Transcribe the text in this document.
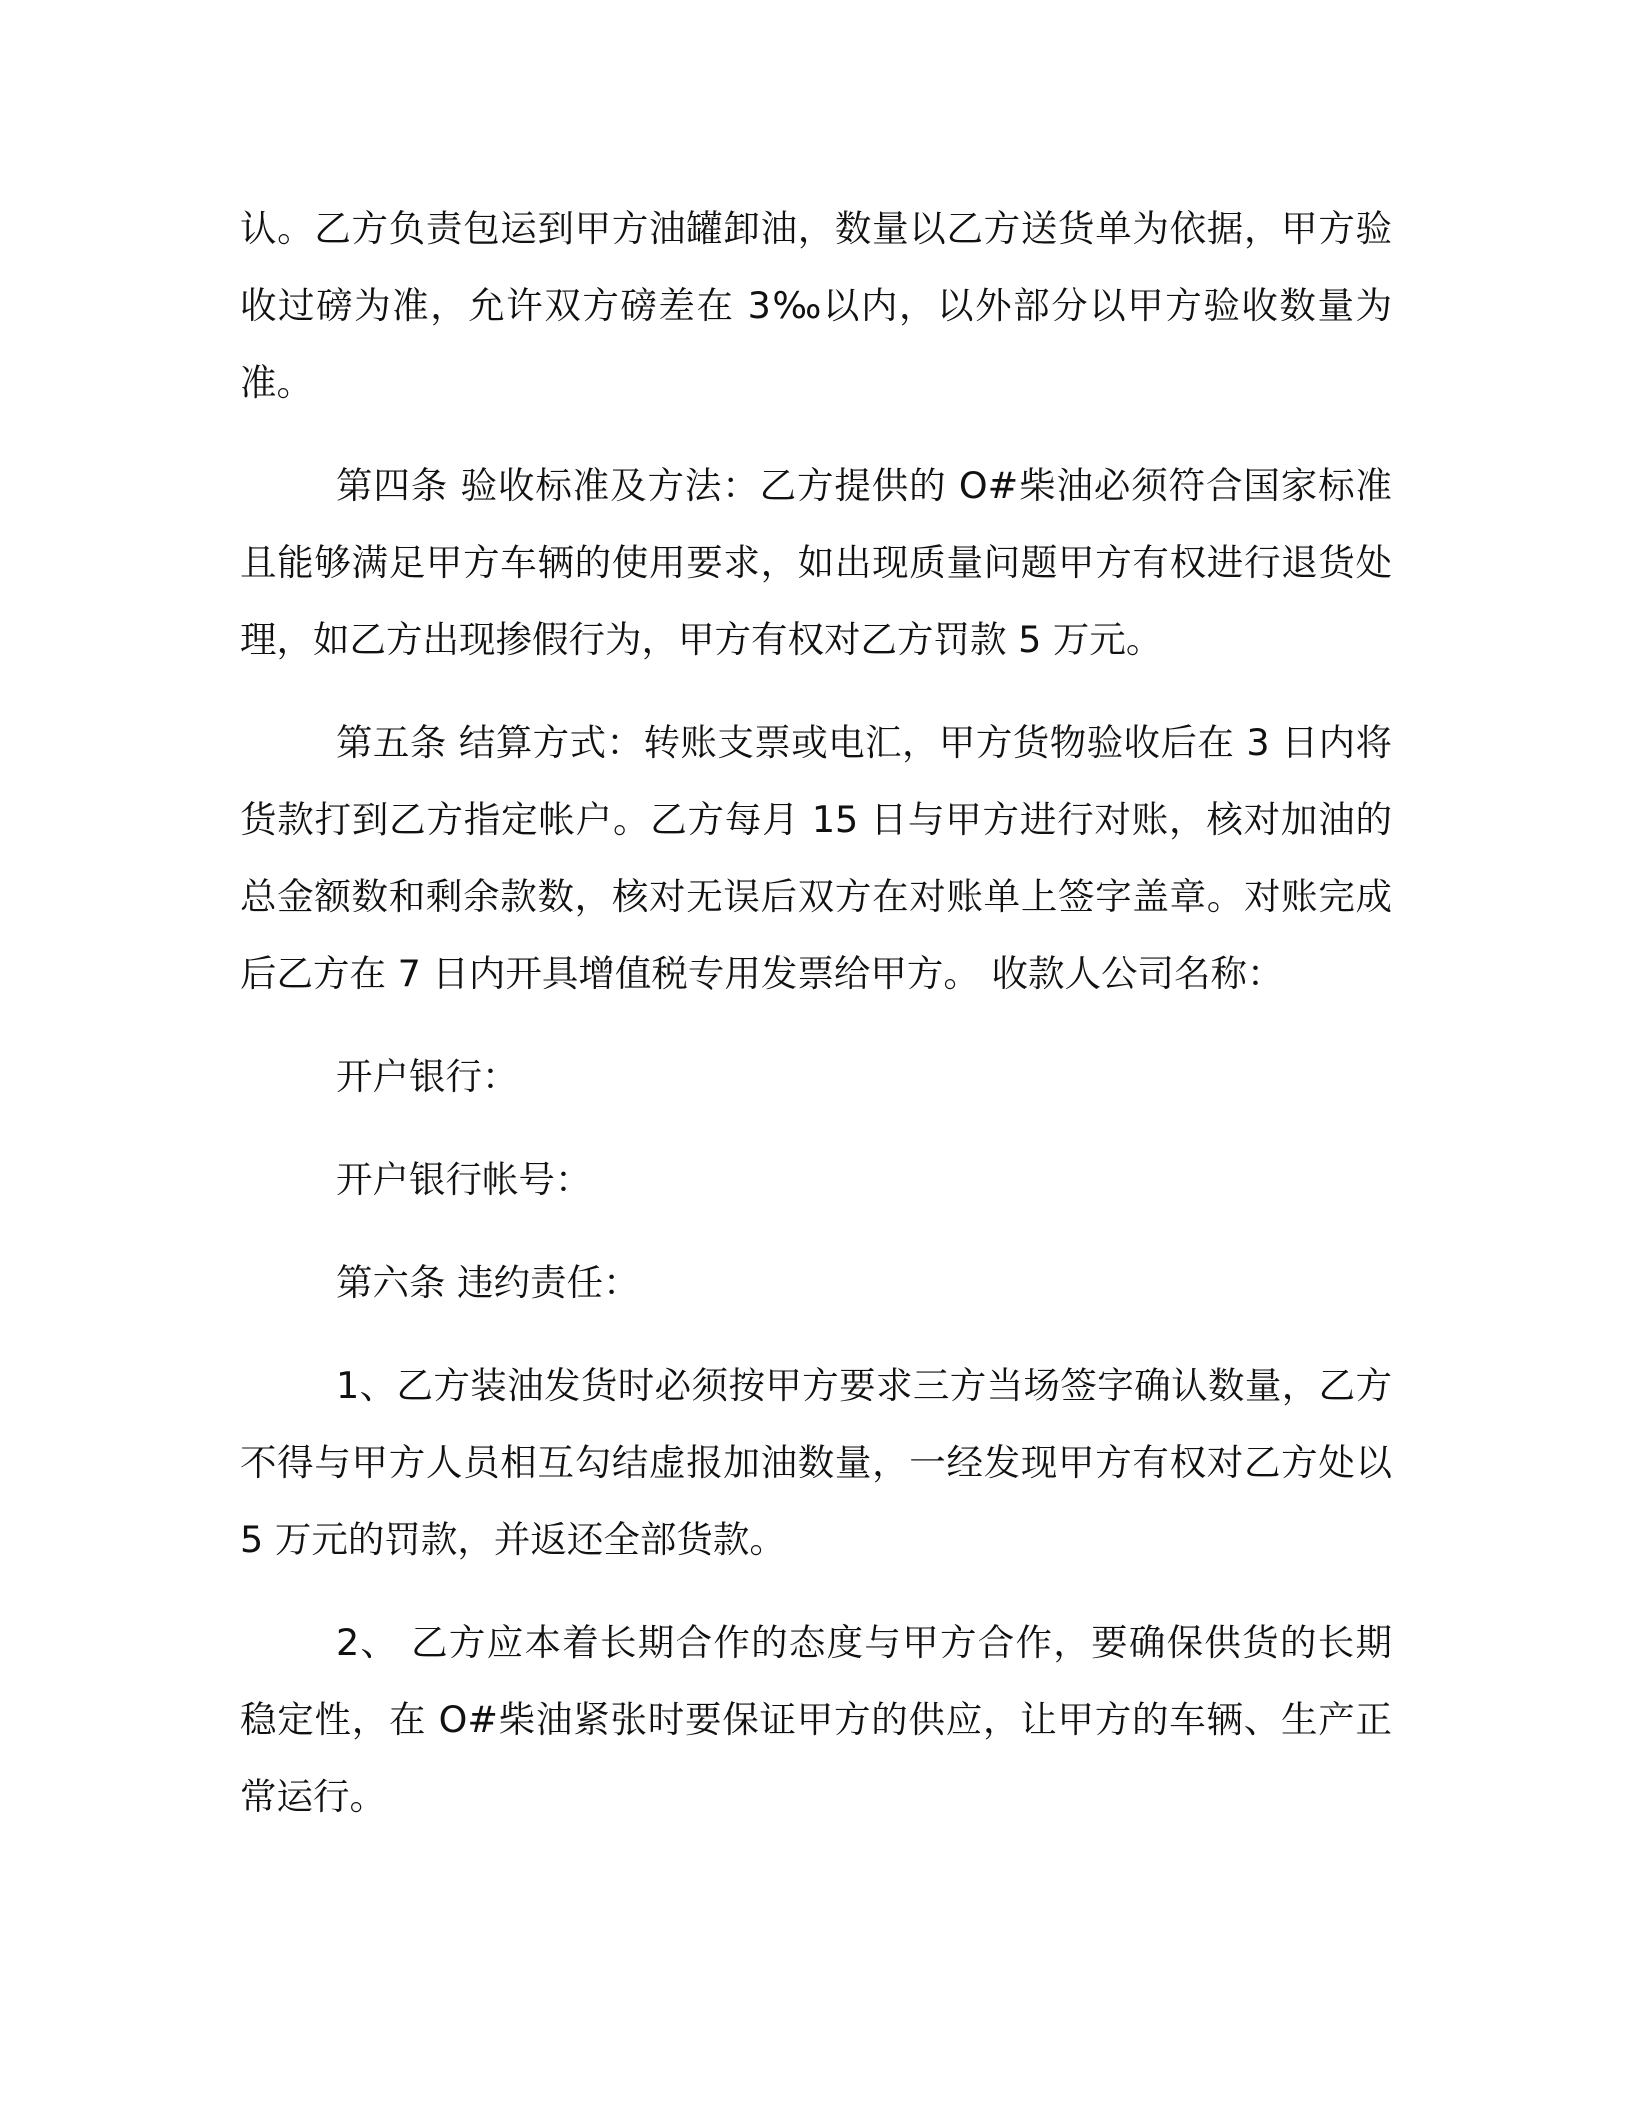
认。乙方负责包运到甲方油罐卸油，数量以乙方送货单为依据，甲方验收过磅为准，允许双方磅差在 3‰以内，以外部分以甲方验收数量为准。

第四条 验收标准及方法：乙方提供的 O#柴油必须符合国家标准且能够满足甲方车辆的使用要求，如出现质量问题甲方有权进行退货处理，如乙方出现掺假行为，甲方有权对乙方罚款 5 万元。

第五条 结算方式：转账支票或电汇，甲方货物验收后在 3 日内将货款打到乙方指定帐户。乙方每月 15 日与甲方进行对账，核对加油的总金额数和剩余款数，核对无误后双方在对账单上签字盖章。对账完成后乙方在 7 日内开具增值税专用发票给甲方。 收款人公司名称：

开户银行：

开户银行帐号：

第六条 违约责任：

1、乙方装油发货时必须按甲方要求三方当场签字确认数量，乙方不得与甲方人员相互勾结虚报加油数量，一经发现甲方有权对乙方处以 5 万元的罚款，并返还全部货款。

2、 乙方应本着长期合作的态度与甲方合作，要确保供货的长期稳定性，在 O#柴油紧张时要保证甲方的供应，让甲方的车辆、生产正常运行。
